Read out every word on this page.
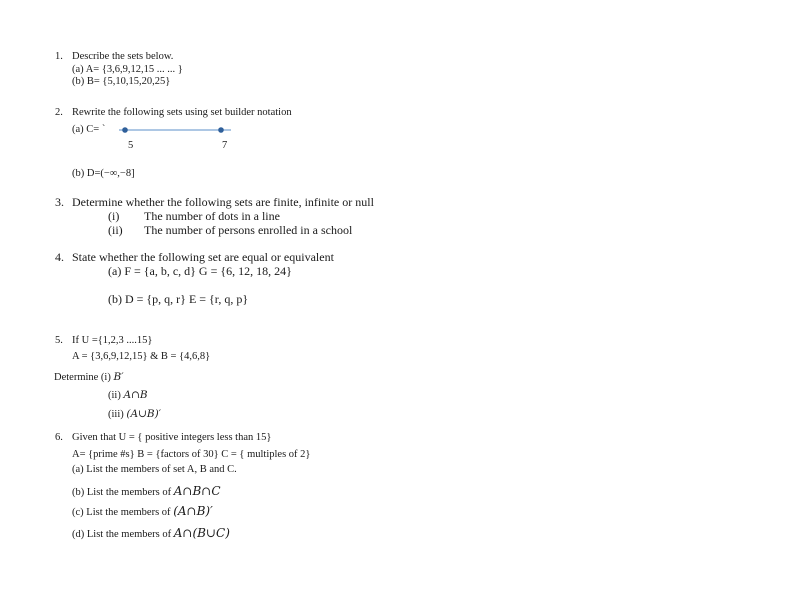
1. Describe the sets below.
(a) A= {3,6,9,12,15 ... ... }
(b) B= {5,10,15,20,25}
2. Rewrite the following sets using set builder notation
(a) C= `
5	7
(b) D=(−∞,−8]
3. Determine whether the following sets are finite, infinite or null
(i) The number of dots in a line
(ii) The number of persons enrolled in a school
4. State whether the following set are equal or equivalent
(a) F = {a, b, c, d} G = {6, 12, 18, 24}
(b) D = {p, q, r} E = {r, q, p}
5. If U ={1,2,3 ....15}
A = {3,6,9,12,15} & B = {4,6,8}
Determine (i) B′
(ii) A∩B
(iii) (A∪B)′
6. Given that U = { positive integers less than 15}
A= {prime #s} B = {factors of 30} C = { multiples of 2}
(a) List the members of set A, B and C.
(b) List the members of A∩B∩C
(c) List the members of (A∩B)′
(d) List the members of A∩(B∪C)
